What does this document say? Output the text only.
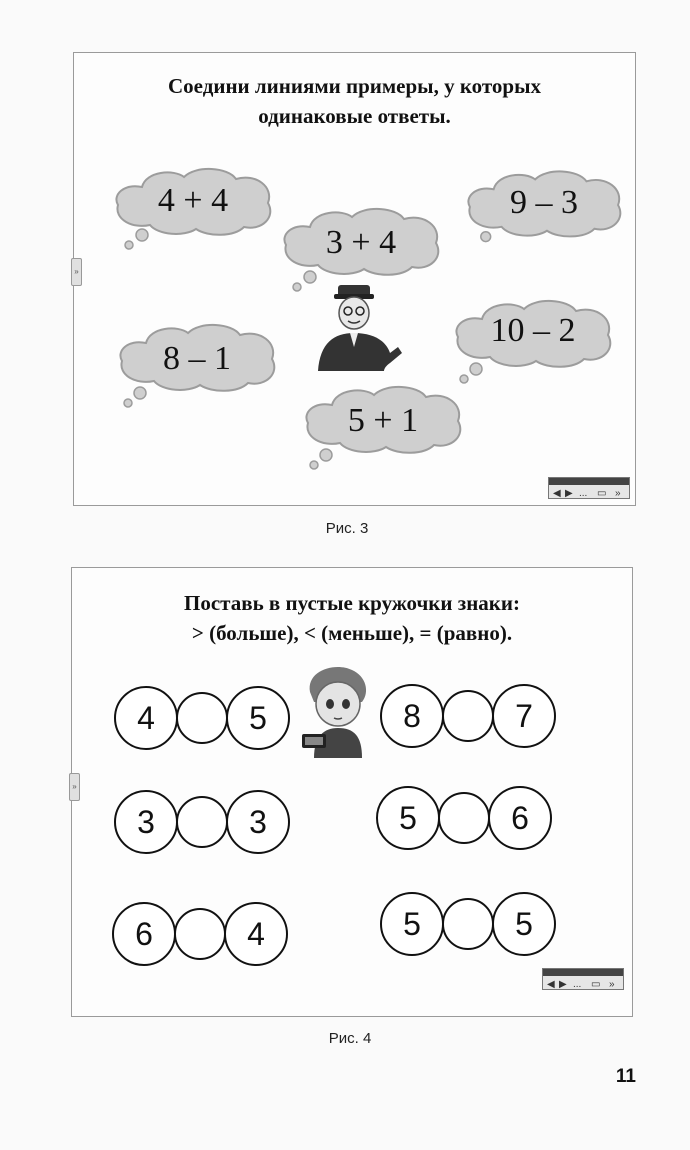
Соедини линиями примеры, у которых
одинаковые ответы.
»
4 + 4
3 + 4
9 – 3
8 – 1
10 – 2
5 + 1
◀ ▶ ... ▭ »
Рис. 3
Поставь в пустые кружочки знаки:
> (больше), < (меньше), = (равно).
»
4	5	8	7
3	3	5	6
6	4	5	5
◀ ▶ ... ▭ »
Рис. 4
11
